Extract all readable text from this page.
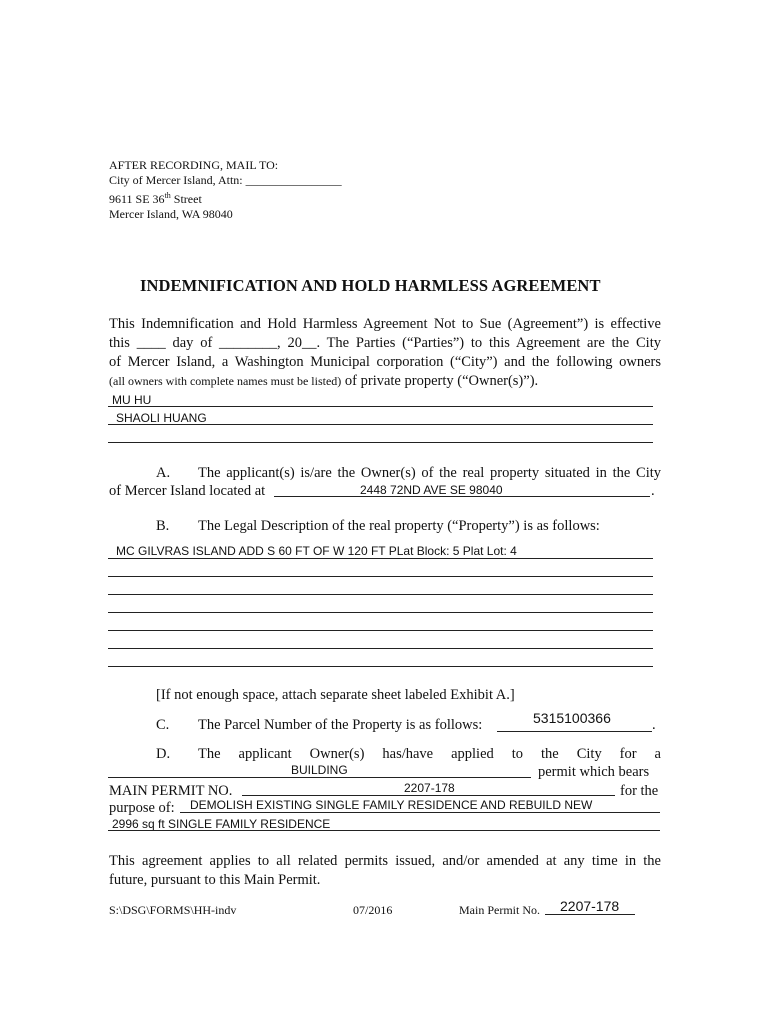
AFTER RECORDING, MAIL TO:
City of Mercer Island, Attn: ________________
9611 SE 36th Street
Mercer Island, WA 98040
INDEMNIFICATION AND HOLD HARMLESS AGREEMENT
This Indemnification and Hold Harmless Agreement Not to Sue (Agreement”) is effective
this ____ day of ________, 20__. The Parties (“Parties”) to this Agreement are the City
of Mercer Island, a Washington Municipal corporation (“City”) and the following owners
(all owners with complete names must be listed) of private property (“Owner(s)”).
MU HU
SHAOLI HUANG
A. The applicant(s) is/are the Owner(s) of the real property situated in the City
of Mercer Island located at	2448 72ND AVE SE 98040	.
B. The Legal Description of the real property (“Property”) is as follows:
MC GILVRAS ISLAND ADD S 60 FT OF W 120 FT PLat Block: 5 Plat Lot: 4
[If not enough space, attach separate sheet labeled Exhibit A.]
C. The Parcel Number of the Property is as follows:	5315100366	.
D. The applicant Owner(s) has/have applied to the City for a
BUILDING	permit which bears
MAIN PERMIT NO.	2207-178	for the
purpose of: DEMOLISH EXISTING SINGLE FAMILY RESIDENCE AND REBUILD NEW
2996 sq ft SINGLE FAMILY RESIDENCE
This agreement applies to all related permits issued, and/or amended at any time in the
future, pursuant to this Main Permit.
S:\DSG\FORMS\HH-indv	07/2016	Main Permit No. 2207-178
